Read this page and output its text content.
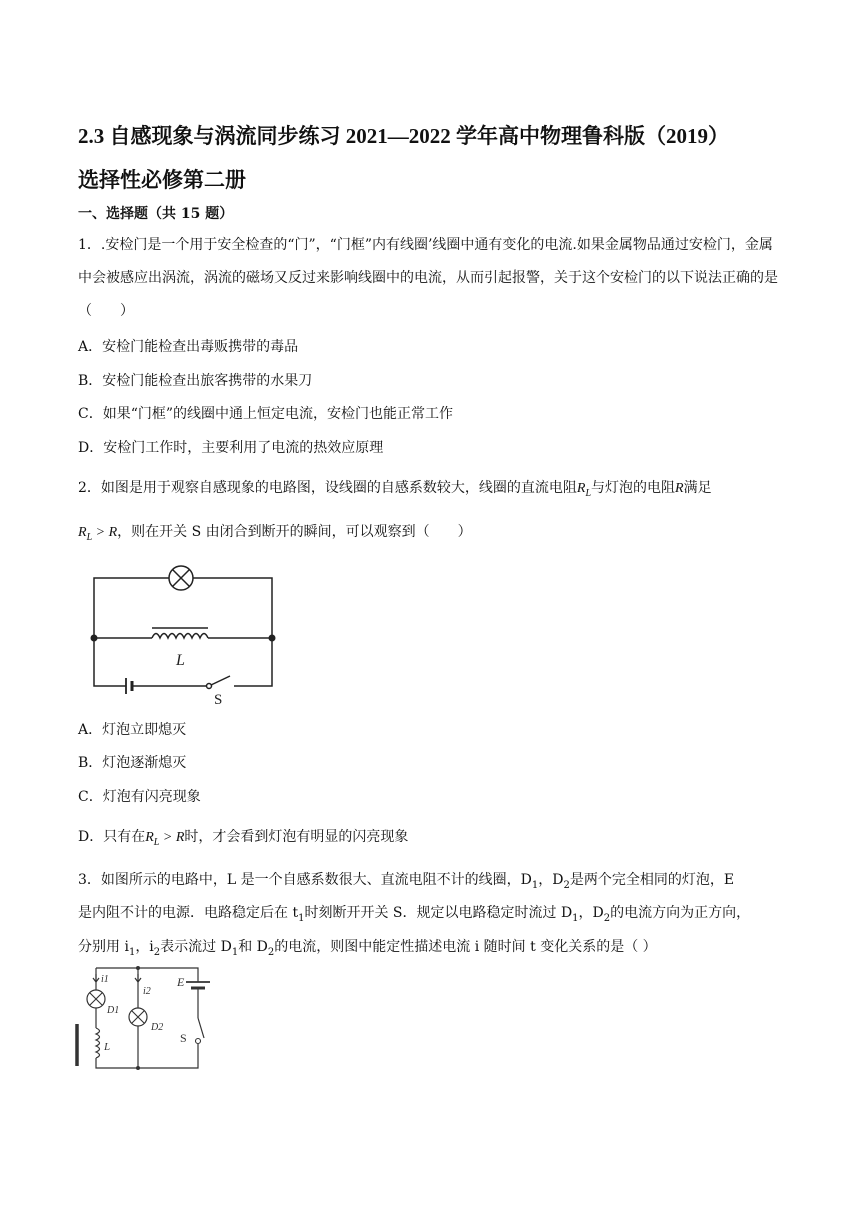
2.3 自感现象与涡流同步练习 2021—2022 学年高中物理鲁科版（2019）
选择性必修第二册
一、选择题（共 15 题）
1．.安检门是一个用于安全检查的“门”，“门框”内有线圈’线圈中通有变化的电流.如果金属物品通过安检门，金属中会被感应出涡流，涡流的磁场又反过来影响线圈中的电流，从而引起报警，关于这个安检门的以下说法正确的是（　　）
A．安检门能检查出毒贩携带的毒品
B．安检门能检查出旅客携带的水果刀
C．如果“门框”的线圈中通上恒定电流，安检门也能正常工作
D．安检门工作时，主要利用了电流的热效应原理
2．如图是用于观察自感现象的电路图，设线圈的自感系数较大，线圈的直流电阻$R_L$与灯泡的电阻R满足
$R_L > R$，则在开关 S 由闭合到断开的瞬间，可以观察到（　　）
L
S
A．灯泡立即熄灭
B．灯泡逐渐熄灭
C．灯泡有闪亮现象
D．只有在$R_L > R$时，才会看到灯泡有明显的闪亮现象
3．如图所示的电路中，L 是一个自感系数很大、直流电阻不计的线圈，$D_1$，$D_2$是两个完全相同的灯泡，E
是内阻不计的电源．电路稳定后在 $t_1$时刻断开开关 S．规定以电路稳定时流过 $D_1$，$D_2$的电流方向为正方向，
分别用 $i_1$，$i_2$表示流过 $D_1$和 $D_2$的电流，则图中能定性描述电流 i 随时间 t 变化关系的是（ ）
i1
i2
D1
D2
E
S
L
